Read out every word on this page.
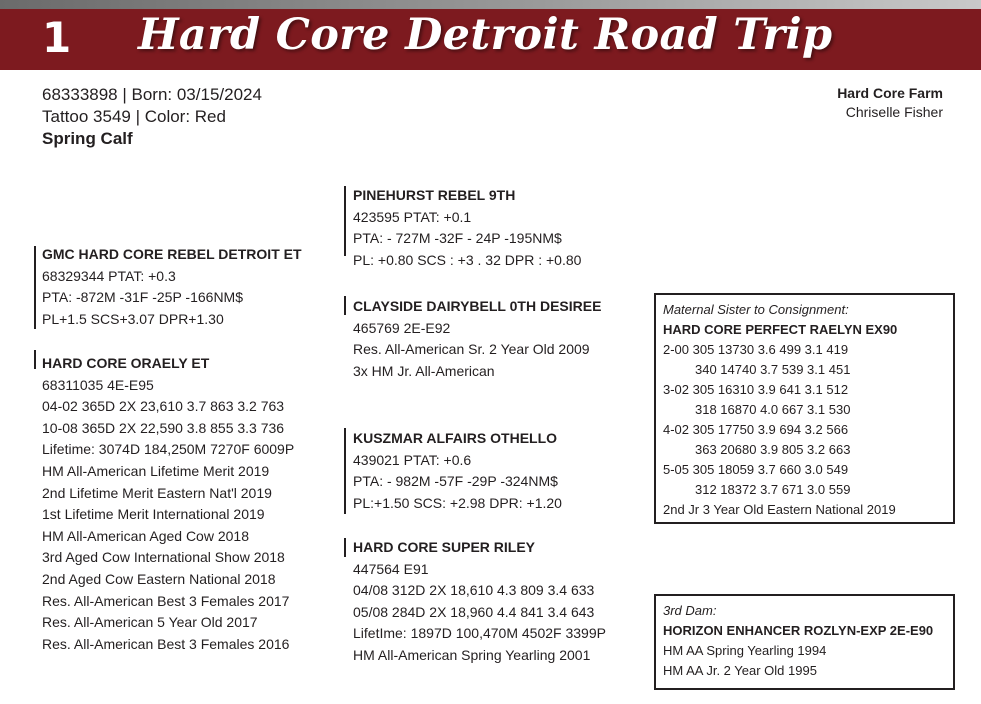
1 Hard Core Detroit Road Trip
68333898 | Born: 03/15/2024
Tattoo 3549 | Color: Red
Spring Calf
Hard Core Farm
Chriselle Fisher
GMC HARD CORE REBEL DETROIT ET
68329344 PTAT: +0.3
PTA: -872M -31F -25P -166NM$
PL+1.5 SCS+3.07 DPR+1.30
HARD CORE ORAELY ET
68311035 4E-E95
04-02 365D 2X 23,610 3.7 863 3.2 763
10-08 365D 2X 22,590 3.8 855 3.3 736
Lifetime: 3074D 184,250M 7270F 6009P
HM All-American Lifetime Merit 2019
2nd Lifetime Merit Eastern Nat'l 2019
1st Lifetime Merit International 2019
HM All-American Aged Cow 2018
3rd Aged Cow International Show 2018
2nd Aged Cow Eastern National 2018
Res. All-American Best 3 Females 2017
Res. All-American 5 Year Old 2017
Res. All-American Best 3 Females 2016
PINEHURST REBEL 9TH
423595 PTAT: +0.1
PTA: - 727M -32F - 24P -195NM$
PL: +0.80 SCS : +3 . 32 DPR : +0.80
CLAYSIDE DAIRYBELL 0TH DESIREE
465769 2E-E92
Res. All-American Sr. 2 Year Old 2009
3x HM Jr. All-American
KUSZMAR ALFAIRS OTHELLO
439021 PTAT: +0.6
PTA: - 982M -57F -29P -324NM$
PL:+1.50 SCS: +2.98 DPR: +1.20
HARD CORE SUPER RILEY
447564 E91
04/08 312D 2X 18,610 4.3 809 3.4 633
05/08 284D 2X 18,960 4.4 841 3.4 643
LifetIme: 1897D 100,470M 4502F 3399P
HM All-American Spring Yearling 2001
Maternal Sister to Consignment:
HARD CORE PERFECT RAELYN EX90
2-00 305 13730 3.6 499 3.1 419
340 14740 3.7 539 3.1 451
3-02 305 16310 3.9 641 3.1 512
318 16870 4.0 667 3.1 530
4-02 305 17750 3.9 694 3.2 566
363 20680 3.9 805 3.2 663
5-05 305 18059 3.7 660 3.0 549
312 18372 3.7 671 3.0 559
2nd Jr 3 Year Old Eastern National 2019
3rd Dam:
HORIZON ENHANCER ROZLYN-EXP 2E-E90
HM AA Spring Yearling 1994
HM AA Jr. 2 Year Old 1995
